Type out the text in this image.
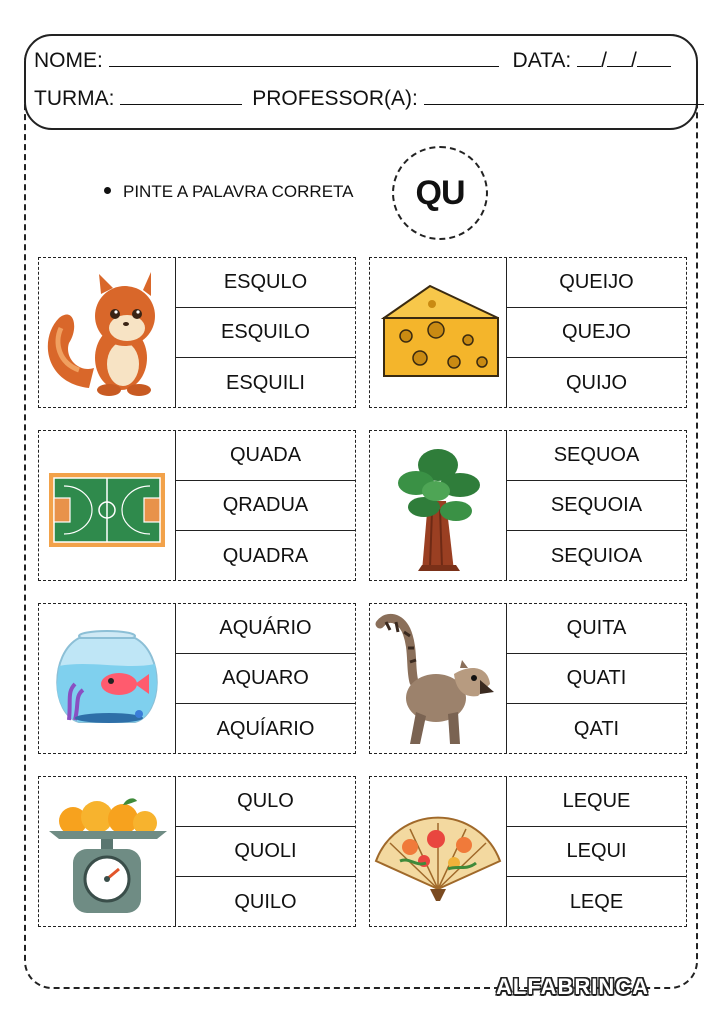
NOME:	DATA: / /
TURMA:	PROFESSOR(A):
PINTE A PALAVRA CORRETA	QU
ESQULO
ESQUILO
ESQUILI
QUEIJO
QUEJO
QUIJO
QUADA
QRADUA
QUADRA
SEQUOA
SEQUOIA
SEQUIOA
AQUÁRIO
AQUARO
AQUÍARIO
QUITA
QUATI
QATI
QULO
QUOLI
QUILO
LEQUE
LEQUI
LEQE
ALFABRINCA
